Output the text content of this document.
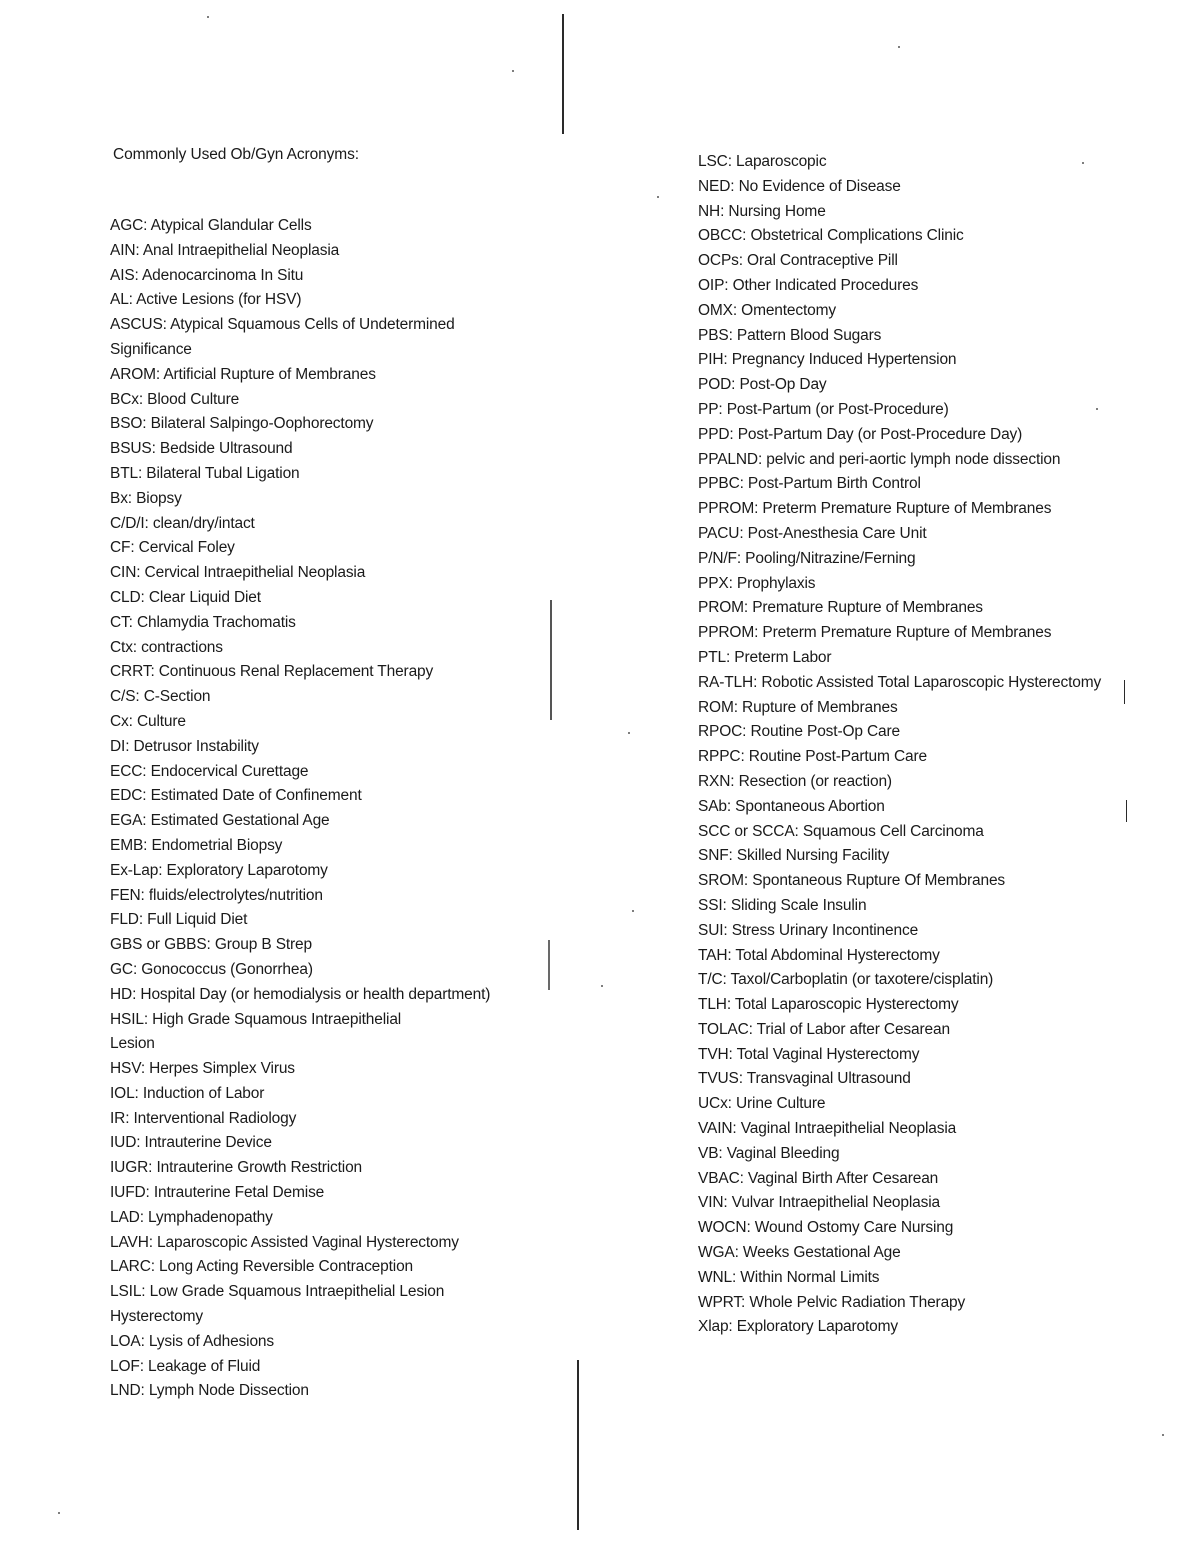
Commonly Used Ob/Gyn Acronyms:
AGC: Atypical Glandular Cells
AIN: Anal Intraepithelial Neoplasia
AIS: Adenocarcinoma In Situ
AL: Active Lesions (for HSV)
ASCUS: Atypical Squamous Cells of Undetermined
Significance
AROM: Artificial Rupture of Membranes
BCx: Blood Culture
BSO: Bilateral Salpingo-Oophorectomy
BSUS: Bedside Ultrasound
BTL: Bilateral Tubal Ligation
Bx: Biopsy
C/D/I: clean/dry/intact
CF: Cervical Foley
CIN: Cervical Intraepithelial Neoplasia
CLD: Clear Liquid Diet
CT: Chlamydia Trachomatis
Ctx: contractions
CRRT: Continuous Renal Replacement Therapy
C/S: C-Section
Cx: Culture
DI: Detrusor Instability
ECC: Endocervical Curettage
EDC: Estimated Date of Confinement
EGA: Estimated Gestational Age
EMB: Endometrial Biopsy
Ex-Lap: Exploratory Laparotomy
FEN: fluids/electrolytes/nutrition
FLD: Full Liquid Diet
GBS or GBBS: Group B Strep
GC: Gonococcus (Gonorrhea)
HD: Hospital Day (or hemodialysis or health department)
HSIL: High Grade Squamous Intraepithelial
Lesion
HSV: Herpes Simplex Virus
IOL: Induction of Labor
IR: Interventional Radiology
IUD: Intrauterine Device
IUGR: Intrauterine Growth Restriction
IUFD: Intrauterine Fetal Demise
LAD: Lymphadenopathy
LAVH: Laparoscopic Assisted Vaginal Hysterectomy
LARC: Long Acting Reversible Contraception
LSIL: Low Grade Squamous Intraepithelial Lesion
Hysterectomy
LOA: Lysis of Adhesions
LOF: Leakage of Fluid
LND: Lymph Node Dissection
LSC: Laparoscopic
NED: No Evidence of Disease
NH: Nursing Home
OBCC: Obstetrical Complications Clinic
OCPs: Oral Contraceptive Pill
OIP: Other Indicated Procedures
OMX: Omentectomy
PBS: Pattern Blood Sugars
PIH: Pregnancy Induced Hypertension
POD: Post-Op Day
PP: Post-Partum (or Post-Procedure)
PPD: Post-Partum Day (or Post-Procedure Day)
PPALND: pelvic and peri-aortic lymph node dissection
PPBC: Post-Partum Birth Control
PPROM: Preterm Premature Rupture of Membranes
PACU: Post-Anesthesia Care Unit
P/N/F: Pooling/Nitrazine/Ferning
PPX: Prophylaxis
PROM: Premature Rupture of Membranes
PPROM: Preterm Premature Rupture of Membranes
PTL: Preterm Labor
RA-TLH: Robotic Assisted Total Laparoscopic Hysterectomy
ROM: Rupture of Membranes
RPOC: Routine Post-Op Care
RPPC: Routine Post-Partum Care
RXN: Resection (or reaction)
SAb: Spontaneous Abortion
SCC or SCCA: Squamous Cell Carcinoma
SNF: Skilled Nursing Facility
SROM: Spontaneous Rupture Of Membranes
SSI: Sliding Scale Insulin
SUI: Stress Urinary Incontinence
TAH: Total Abdominal Hysterectomy
T/C: Taxol/Carboplatin (or taxotere/cisplatin)
TLH: Total Laparoscopic Hysterectomy
TOLAC: Trial of Labor after Cesarean
TVH: Total Vaginal Hysterectomy
TVUS: Transvaginal Ultrasound
UCx: Urine Culture
VAIN: Vaginal Intraepithelial Neoplasia
VB: Vaginal Bleeding
VBAC: Vaginal Birth After Cesarean
VIN: Vulvar Intraepithelial Neoplasia
WOCN: Wound Ostomy Care Nursing
WGA: Weeks Gestational Age
WNL: Within Normal Limits
WPRT: Whole Pelvic Radiation Therapy
Xlap: Exploratory Laparotomy
